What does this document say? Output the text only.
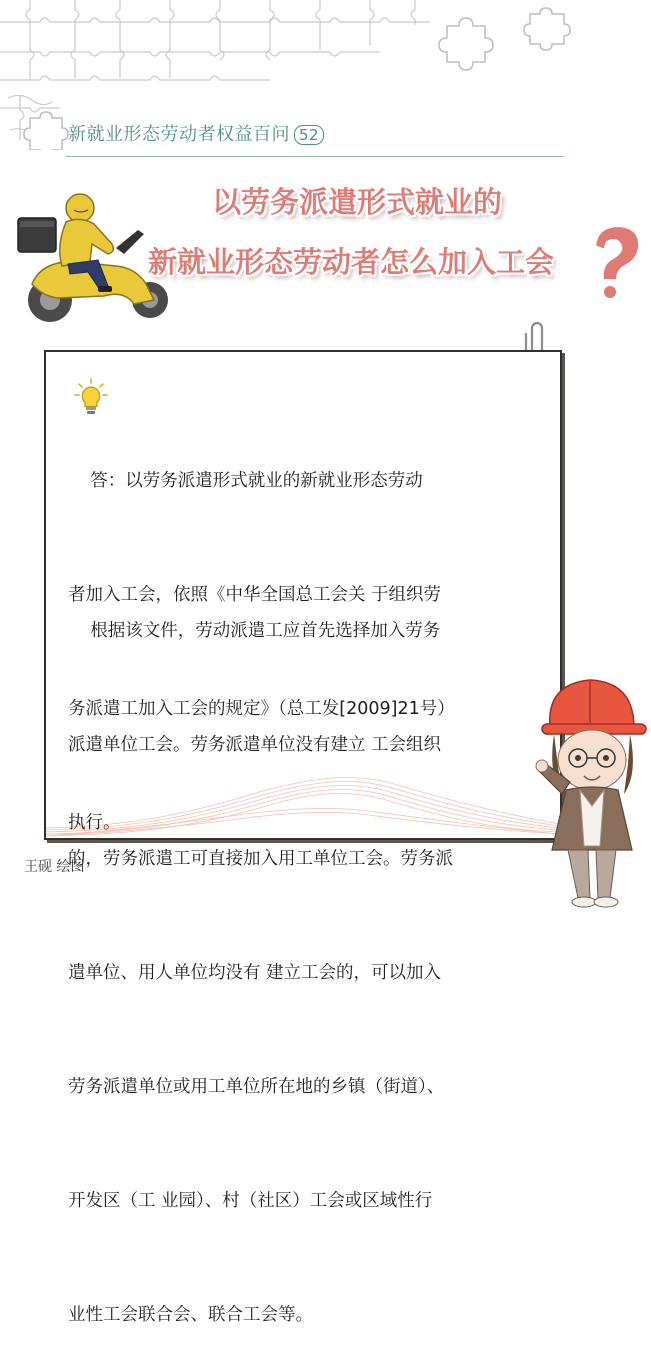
新就业形态劳动者权益百问 52
以劳务派遣形式就业的
新就业形态劳动者怎么加入工会

答：以劳务派遣形式就业的新就业形态劳动

者加入工会，依照《中华全国总工会关 于组织劳

务派遣工加入工会的规定》（总工发[2009]21号）

执行。

根据该文件，劳动派遣工应首先选择加入劳务

派遣单位工会。劳务派遣单位没有建立 工会组织

的，劳务派遣工可直接加入用工单位工会。劳务派

遣单位、用人单位均没有 建立工会的，可以加入

劳务派遣单位或用工单位所在地的乡镇（街道）、

开发区（工 业园）、村（社区）工会或区域性行

业性工会联合会、联合工会等。

王砚 绘图
